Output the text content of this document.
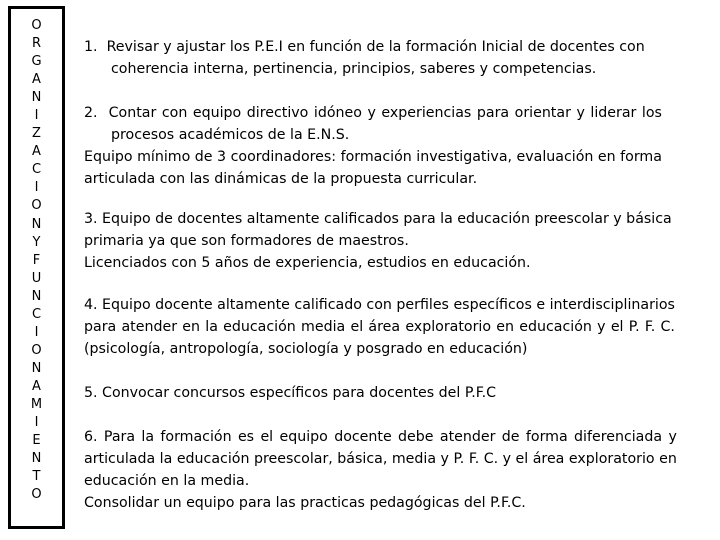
O
R
G
A
N
I
Z
A
C
I
O
N
Y
F
U
N
C
I
O
N
A
M
I
E
N
T
O
1. Revisar y ajustar los P.E.I en función de la formación Inicial de docentes con
coherencia interna, pertinencia, principios, saberes y competencias.
2. Contar con equipo directivo idóneo y experiencias para orientar y liderar los
procesos académicos de la E.N.S.
Equipo mínimo de 3 coordinadores: formación investigativa, evaluación en forma
articulada con las dinámicas de la propuesta curricular.
3. Equipo de docentes altamente calificados para la educación preescolar y básica
primaria ya que son formadores de maestros.
Licenciados con 5 años de experiencia, estudios en educación.
4. Equipo docente altamente calificado con perfiles específicos e interdisciplinarios
para atender en la educación media el área exploratorio en educación y el P. F. C.
(psicología, antropología, sociología y posgrado en educación)
5. Convocar concursos específicos para docentes del P.F.C
6. Para la formación es el equipo docente debe atender de forma diferenciada y
articulada la educación preescolar, básica, media y P. F. C. y el área exploratorio en
educación en la media.
Consolidar un equipo para las practicas pedagógicas del P.F.C.
